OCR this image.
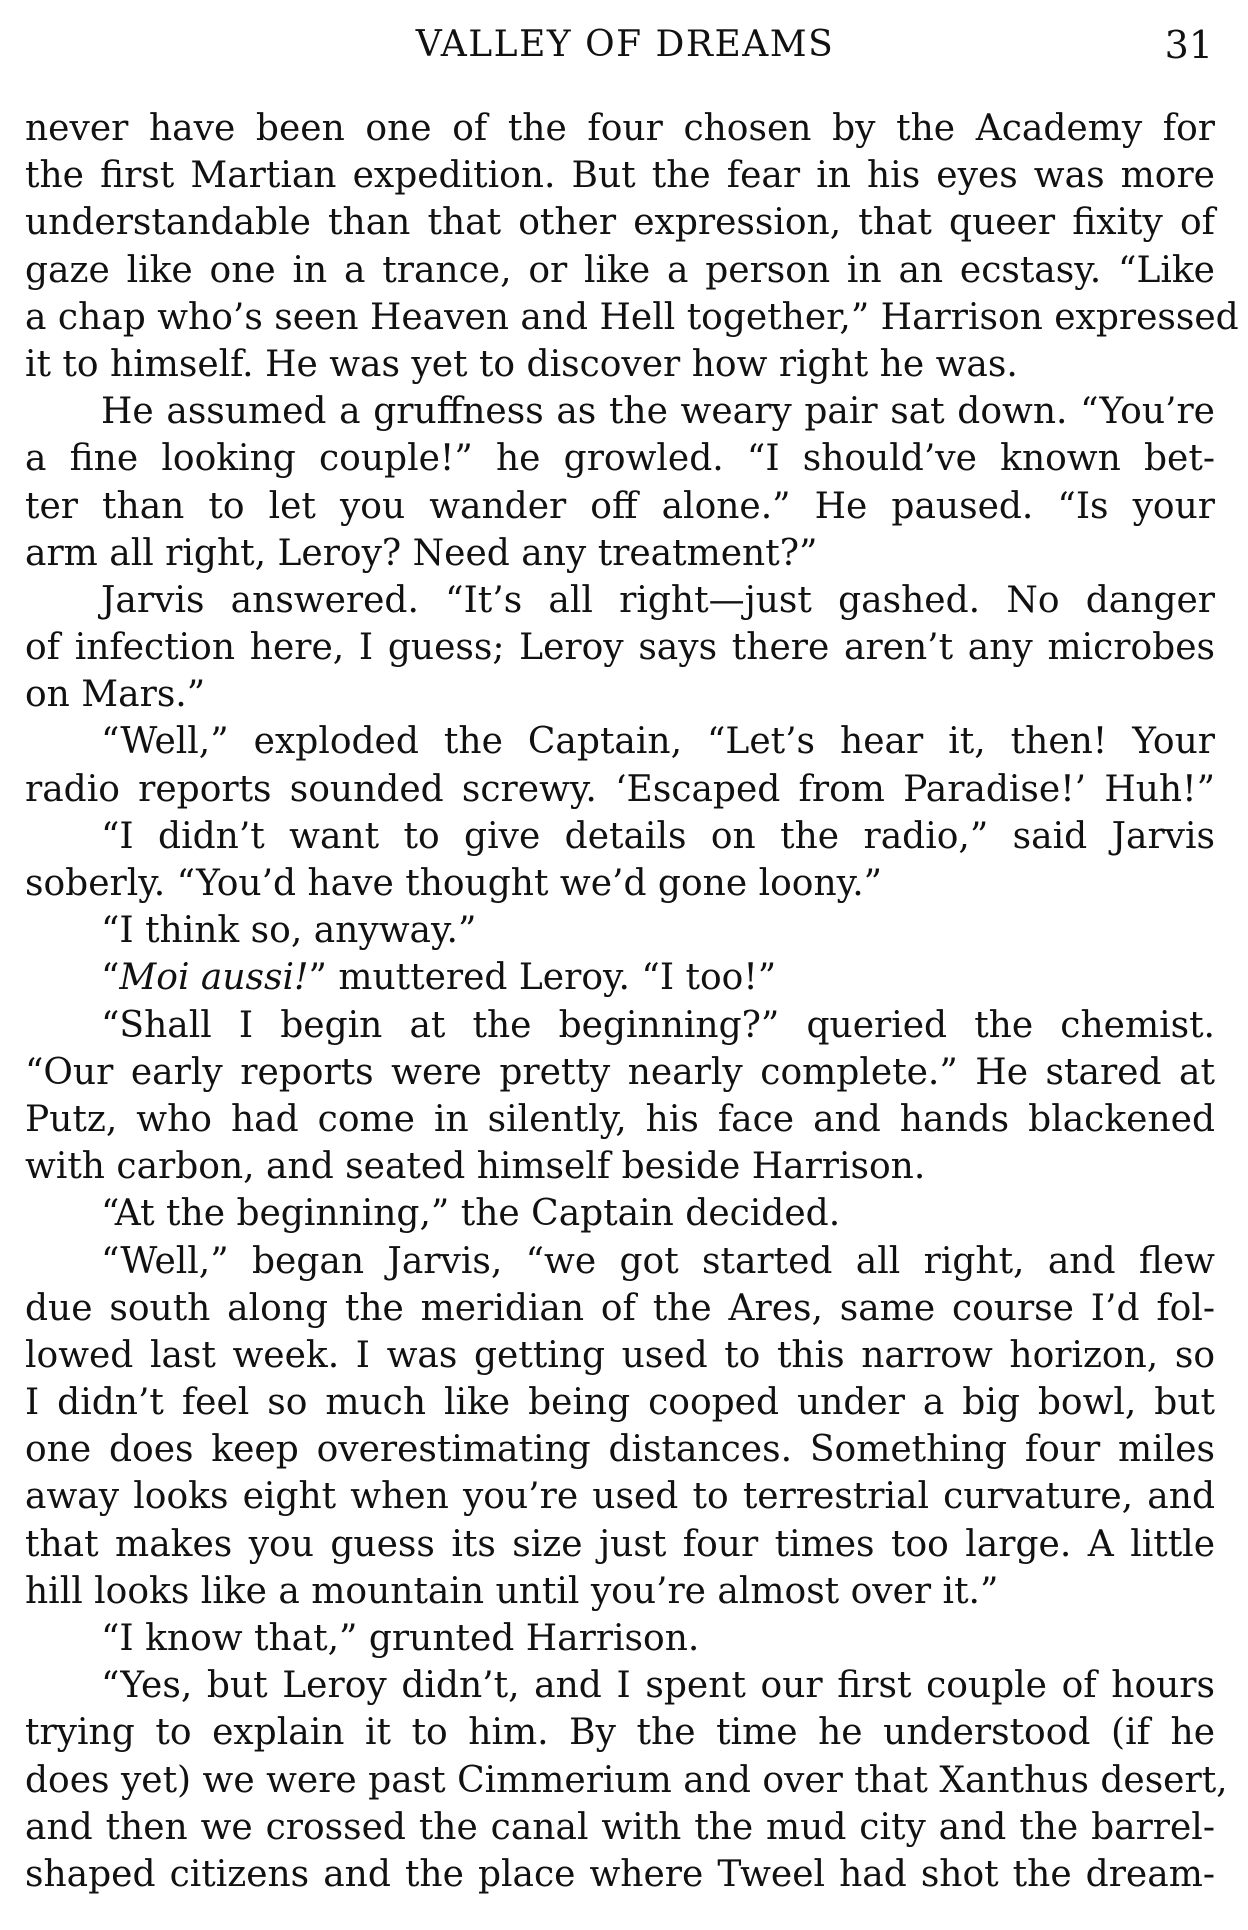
VALLEY OF DREAMS	31
never have been one of the four chosen by the Academy for
the first Martian expedition. But the fear in his eyes was more
understandable than that other expression, that queer fixity of
gaze like one in a trance, or like a person in an ecstasy. “Like
a chap who’s seen Heaven and Hell together,” Harrison expressed
it to himself. He was yet to discover how right he was.
He assumed a gruffness as the weary pair sat down. “You’re
a fine looking couple!” he growled. “I should’ve known bet-
ter than to let you wander off alone.” He paused. “Is your
arm all right, Leroy? Need any treatment?”
Jarvis answered. “It’s all right—just gashed. No danger
of infection here, I guess; Leroy says there aren’t any microbes
on Mars.”
“Well,” exploded the Captain, “Let’s hear it, then! Your
radio reports sounded screwy. ‘Escaped from Paradise!’ Huh!”
“I didn’t want to give details on the radio,” said Jarvis
soberly. “You’d have thought we’d gone loony.”
“I think so, anyway.”
“Moi aussi!” muttered Leroy. “I too!”
“Shall I begin at the beginning?” queried the chemist.
“Our early reports were pretty nearly complete.” He stared at
Putz, who had come in silently, his face and hands blackened
with carbon, and seated himself beside Harrison.
“At the beginning,” the Captain decided.
“Well,” began Jarvis, “we got started all right, and flew
due south along the meridian of the Ares, same course I’d fol-
lowed last week. I was getting used to this narrow horizon, so
I didn’t feel so much like being cooped under a big bowl, but
one does keep overestimating distances. Something four miles
away looks eight when you’re used to terrestrial curvature, and
that makes you guess its size just four times too large. A little
hill looks like a mountain until you’re almost over it.”
“I know that,” grunted Harrison.
“Yes, but Leroy didn’t, and I spent our first couple of hours
trying to explain it to him. By the time he understood (if he
does yet) we were past Cimmerium and over that Xanthus desert,
and then we crossed the canal with the mud city and the barrel-
shaped citizens and the place where Tweel had shot the dream-
